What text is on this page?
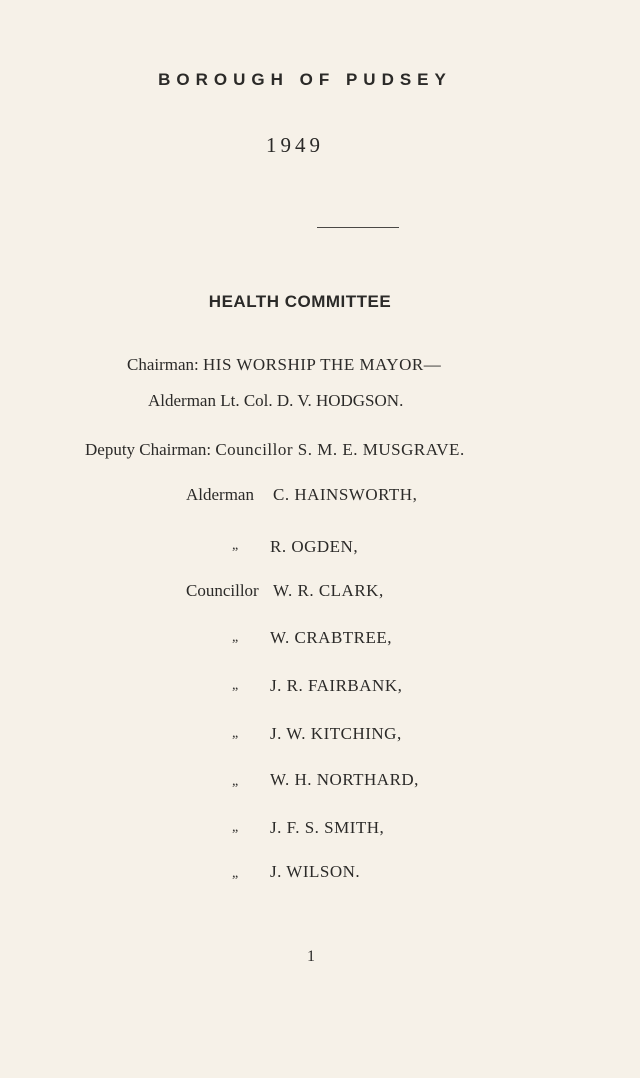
BOROUGH OF PUDSEY
1949
HEALTH COMMITTEE
Chairman: HIS WORSHIP THE MAYOR—
Alderman Lt. Col. D. V. HODGSON.
Deputy Chairman: Councillor S. M. E. MUSGRAVE.
Alderman C. HAINSWORTH,
„ R. OGDEN,
Councillor W. R. CLARK,
„ W. CRABTREE,
„ J. R. FAIRBANK,
„ J. W. KITCHING,
„ W. H. NORTHARD,
„ J. F. S. SMITH,
„ J. WILSON.
1
